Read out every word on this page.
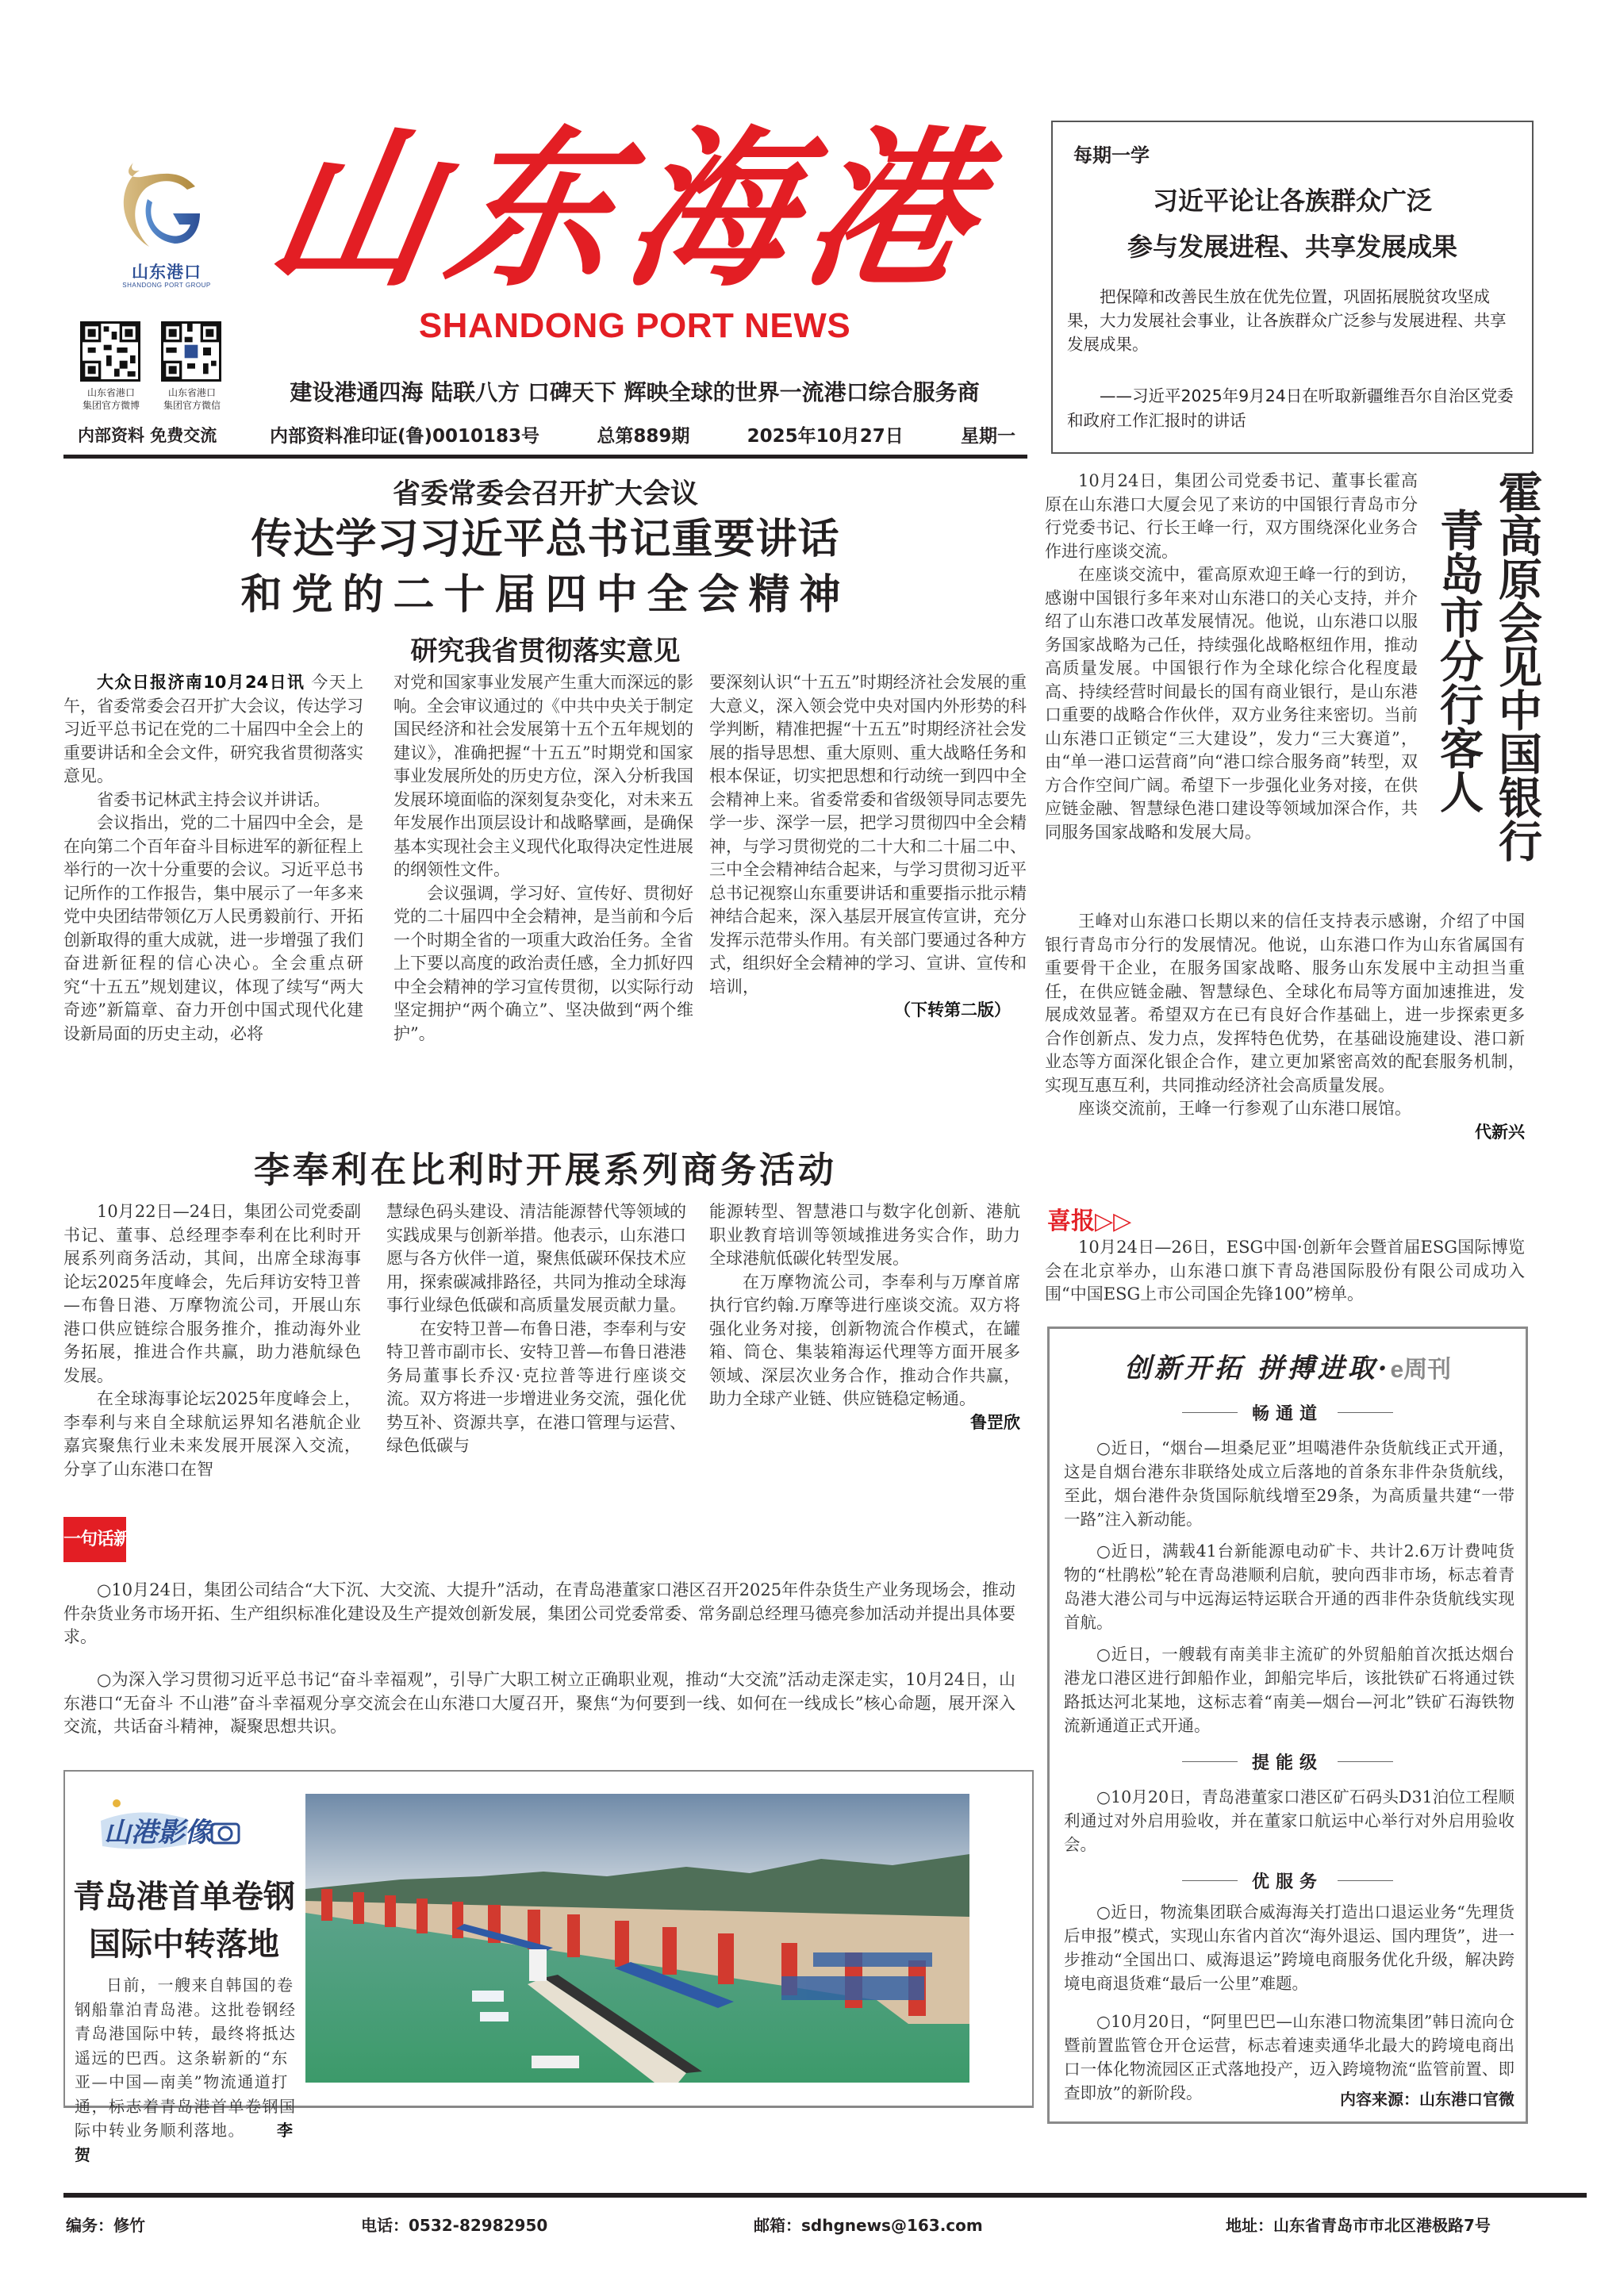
山东港口
SHANDONG PORT GROUP 山
东
海
港
SHANDONG PORT NEWS
山东省港口
集团官方微博
山东省港口
集团官方微信
内部资料 免费交流
建设港通四海 陆联八方 口碑天下 辉映全球的世界一流港口综合服务商
内部资料准印证(鲁)0010183号	总第889期	2025年10月27日	星期一
每期一学
习近平论让各族群众广泛
参与发展进程、共享发展成果
把保障和改善民生放在优先位置，巩固拓展脱贫攻坚成果，大力发展社会事业，让各族群众广泛参与发展进程、共享发展成果。
——习近平2025年9月24日在听取新疆维吾尔自治区党委和政府工作汇报时的讲话
省委常委会召开扩大会议
传达学习习近平总书记重要讲话
和党的二十届四中全会精神
研究我省贯彻落实意见

大众日报济南10月24日讯 今天上午，省委常委会召开扩大会议，传达学习习近平总书记在党的二十届四中全会上的重要讲话和全会文件，研究我省贯彻落实意见。

省委书记林武主持会议并讲话。

会议指出，党的二十届四中全会，是在向第二个百年奋斗目标进军的新征程上举行的一次十分重要的会议。习近平总书记所作的工作报告，集中展示了一年多来党中央团结带领亿万人民勇毅前行、开拓创新取得的重大成就，进一步增强了我们奋进新征程的信心决心。全会重点研究“十五五”规划建议，体现了续写“两大奇迹”新篇章、奋力开创中国式现代化建设新局面的历史主动，必将

对党和国家事业发展产生重大而深远的影响。全会审议通过的《中共中央关于制定国民经济和社会发展第十五个五年规划的建议》，准确把握“十五五”时期党和国家事业发展所处的历史方位，深入分析我国发展环境面临的深刻复杂变化，对未来五年发展作出顶层设计和战略擘画，是确保基本实现社会主义现代化取得决定性进展的纲领性文件。

会议强调，学习好、宣传好、贯彻好党的二十届四中全会精神，是当前和今后一个时期全省的一项重大政治任务。全省上下要以高度的政治责任感，全力抓好四中全会精神的学习宣传贯彻，以实际行动坚定拥护“两个确立”、坚决做到“两个维护”。

要深刻认识“十五五”时期经济社会发展的重大意义，深入领会党中央对国内外形势的科学判断，精准把握“十五五”时期经济社会发展的指导思想、重大原则、重大战略任务和根本保证，切实把思想和行动统一到四中全会精神上来。省委常委和省级领导同志要先学一步、深学一层，把学习贯彻四中全会精神，与学习贯彻党的二十大和二十届二中、三中全会精神结合起来，与学习贯彻习近平总书记视察山东重要讲话和重要指示批示精神结合起来，深入基层开展宣传宣讲，充分发挥示范带头作用。有关部门要通过各种方式，组织好全会精神的学习、宣讲、宣传和培训，

（下转第二版）
霍高原会见中国银行
青岛市分行客人

10月24日，集团公司党委书记、董事长霍高原在山东港口大厦会见了来访的中国银行青岛市分行党委书记、行长王峰一行，双方围绕深化业务合作进行座谈交流。

在座谈交流中，霍高原欢迎王峰一行的到访，感谢中国银行多年来对山东港口的关心支持，并介绍了山东港口改革发展情况。他说，山东港口以服务国家战略为己任，持续强化战略枢纽作用，推动高质量发展。中国银行作为全球化综合化程度最高、持续经营时间最长的国有商业银行，是山东港口重要的战略合作伙伴，双方业务往来密切。当前山东港口正锁定“三大建设”，发力“三大赛道”，由“单一港口运营商”向“港口综合服务商”转型，双方合作空间广阔。希望下一步强化业务对接，在供应链金融、智慧绿色港口建设等领域加深合作，共同服务国家战略和发展大局。

王峰对山东港口长期以来的信任支持表示感谢，介绍了中国银行青岛市分行的发展情况。他说，山东港口作为山东省属国有重要骨干企业，在服务国家战略、服务山东发展中主动担当重任，在供应链金融、智慧绿色、全球化布局等方面加速推进，发展成效显著。希望双方在已有良好合作基础上，进一步探索更多合作创新点、发力点，发挥特色优势，在基础设施建设、港口新业态等方面深化银企合作，建立更加紧密高效的配套服务机制，实现互惠互利，共同推动经济社会高质量发展。

座谈交流前，王峰一行参观了山东港口展馆。

代新兴
喜报▷▷

10月24日—26日，ESG中国·创新年会暨首届ESG国际博览会在北京举办，山东港口旗下青岛港国际股份有限公司成功入围“中国ESG上市公司国企先锋100”榜单。

创新开拓 拼搏进取·e周刊
畅通道
○近日，“烟台—坦桑尼亚”坦噶港件杂货航线正式开通，这是自烟台港东非联络处成立后落地的首条东非件杂货航线，至此，烟台港件杂货国际航线增至29条，为高质量共建“一带一路”注入新动能。
○近日，满载41台新能源电动矿卡、共计2.6万计费吨货物的“杜鹃松”轮在青岛港顺利启航，驶向西非市场，标志着青岛港大港公司与中远海运特运联合开通的西非件杂货航线实现首航。
○近日，一艘载有南美非主流矿的外贸船舶首次抵达烟台港龙口港区进行卸船作业，卸船完毕后，该批铁矿石将通过铁路抵达河北某地，这标志着“南美—烟台—河北”铁矿石海铁物流新通道正式开通。
提能级
○10月20日，青岛港董家口港区矿石码头D31泊位工程顺利通过对外启用验收，并在董家口航运中心举行对外启用验收会。
优服务
○近日，物流集团联合威海海关打造出口退运业务“先理货后申报”模式，实现山东省内首次“海外退运、国内理货”，进一步推动“全国出口、威海退运”跨境电商服务优化升级，解决跨境电商退货难“最后一公里”难题。
○10月20日，“阿里巴巴—山东港口物流集团”韩日流向仓暨前置监管仓开仓运营，标志着速卖通华北最大的跨境电商出口一体化物流园区正式落地投产，迈入跨境物流“监管前置、即查即放”的新阶段。	内容来源：山东港口官微
李奉利在比利时开展系列商务活动

10月22日—24日，集团公司党委副书记、董事、总经理李奉利在比利时开展系列商务活动，其间，出席全球海事论坛2025年度峰会，先后拜访安特卫普—布鲁日港、万摩物流公司，开展山东港口供应链综合服务推介，推动海外业务拓展，推进合作共赢，助力港航绿色发展。

在全球海事论坛2025年度峰会上，李奉利与来自全球航运界知名港航企业嘉宾聚焦行业未来发展开展深入交流，分享了山东港口在智

慧绿色码头建设、清洁能源替代等领域的实践成果与创新举措。他表示，山东港口愿与各方伙伴一道，聚焦低碳环保技术应用，探索碳减排路径，共同为推动全球海事行业绿色低碳和高质量发展贡献力量。

在安特卫普—布鲁日港，李奉利与安特卫普市副市长、安特卫普—布鲁日港港务局董事长乔汉·克拉普等进行座谈交流。双方将进一步增进业务交流，强化优势互补、资源共享，在港口管理与运营、绿色低碳与

能源转型、智慧港口与数字化创新、港航职业教育培训等领域推进务实合作，助力全球港航低碳化转型发展。

在万摩物流公司，李奉利与万摩首席执行官约翰.万摩等进行座谈交流。双方将强化业务对接，创新物流合作模式，在罐箱、筒仓、集装箱海运代理等方面开展多领域、深层次业务合作，推动合作共赢，助力全球产业链、供应链稳定畅通。

鲁罡欣
一句话新闻

○10月24日，集团公司结合“大下沉、大交流、大提升”活动，在青岛港董家口港区召开2025年件杂货生产业务现场会，推动件杂货业务市场开拓、生产组织标准化建设及生产提效创新发展，集团公司党委常委、常务副总经理马德亮参加活动并提出具体要求。

○为深入学习贯彻习近平总书记“奋斗幸福观”，引导广大职工树立正确职业观，推动“大交流”活动走深走实，10月24日，山东港口“无奋斗 不山港”奋斗幸福观分享交流会在山东港口大厦召开，聚焦“为何要到一线、如何在一线成长”核心命题，展开深入交流，共话奋斗精神，凝聚思想共识。

山港影像
青岛港首单卷钢
国际中转落地
日前，一艘来自韩国的卷钢船靠泊青岛港。这批卷钢经青岛港国际中转，最终将抵达遥远的巴西。这条崭新的“东亚—中国—南美”物流通道打通，标志着青岛港首单卷钢国际中转业务顺利落地。 李贺
编务：修竹	电话：0532-82982950	邮箱：sdhgnews@163.com	地址：山东省青岛市市北区港极路7号
